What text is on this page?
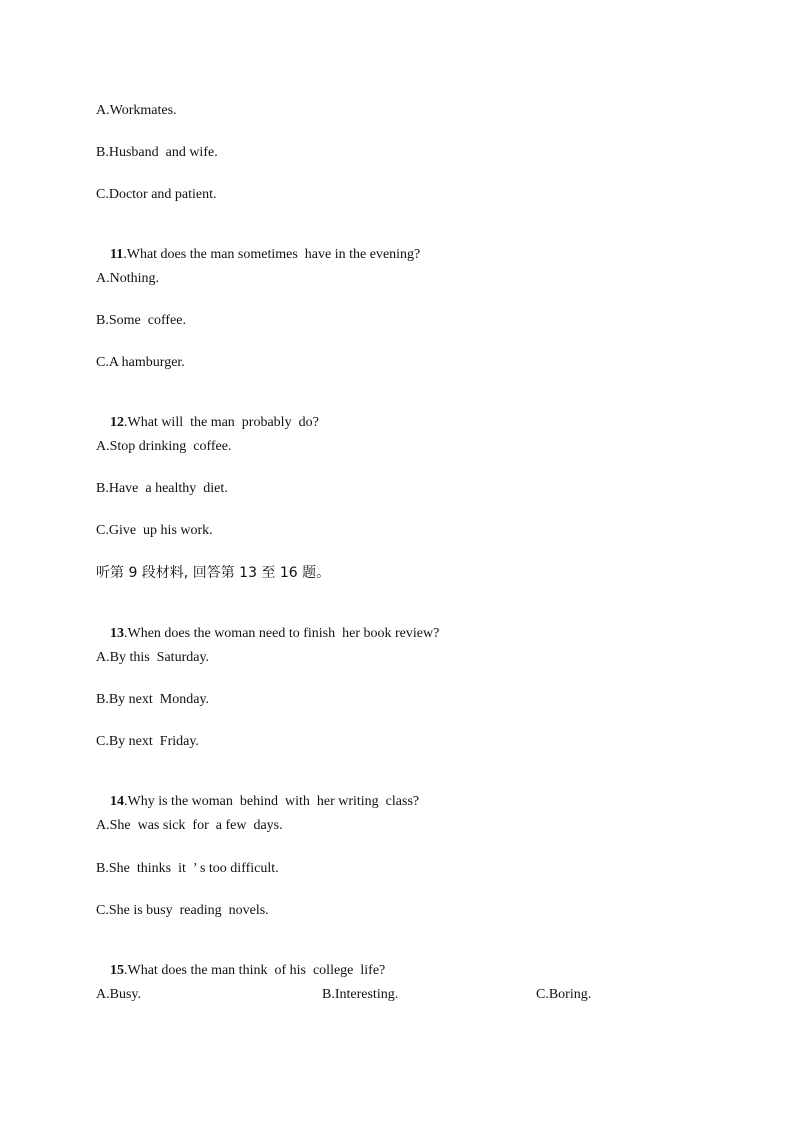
A.Workmates.
B.Husband  and wife.
C.Doctor and patient.

11.What does the man sometimes  have in the evening?

A.Nothing.
B.Some  coffee.
C.A hamburger.

12.What will  the man  probably  do?

A.Stop drinking  coffee.
B.Have  a healthy  diet.
C.Give  up his work.
听第 9 段材料, 回答第 13 至 16 题。

13.When does the woman need to finish  her book review?

A.By this  Saturday.
B.By next  Monday.
C.By next  Friday.

14.Why is the woman  behind  with  her writing  class?

A.She  was sick  for  a few  days.
B.She  thinks  it  ’ s too difficult.
C.She is busy  reading  novels.

15.What does the man think  of his  college  life?

A.Busy.	B.Interesting.	C.Boring.
